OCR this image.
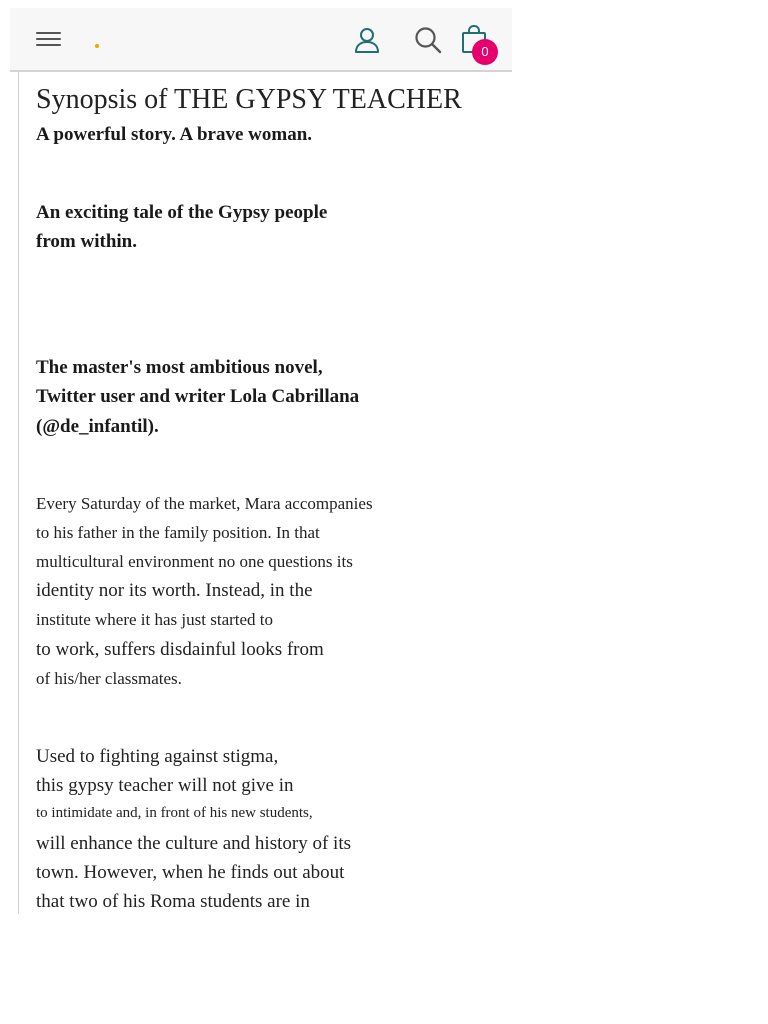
0
Synopsis of THE GYPSY TEACHER
A powerful story. A brave woman.
An exciting tale of the Gypsy people
from within.
The master's most ambitious novel,
Twitter user and writer Lola Cabrillana
(@de_infantil).
Every Saturday of the market, Mara accompanies
to his father in the family position. In that
multicultural environment no one questions its
identity nor its worth. Instead, in the
institute where it has just started to
to work, suffers disdainful looks from
of his/her classmates.
Used to fighting against stigma,
this gypsy teacher will not give in
to intimidate and, in front of his new students,
will enhance the culture and history of its
town. However, when he finds out about
that two of his Roma students are in
